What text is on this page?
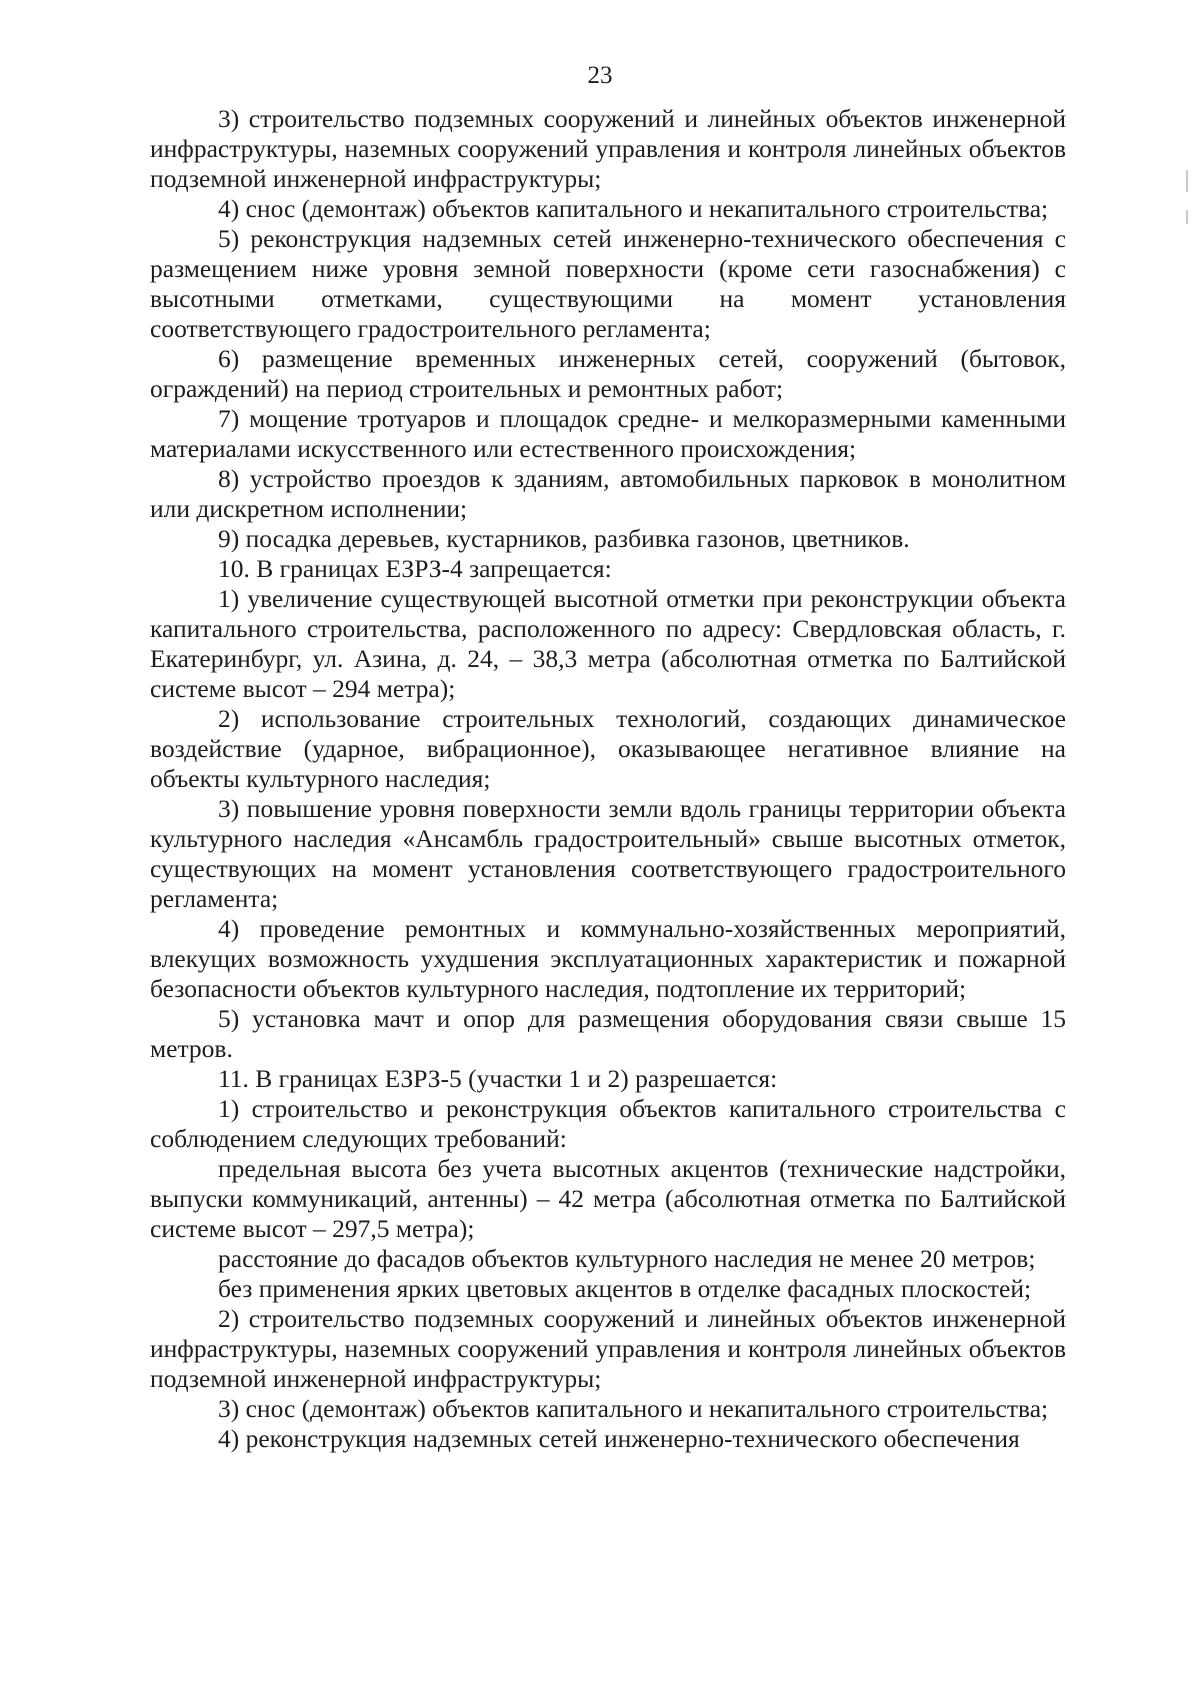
23

3) строительство подземных сооружений и линейных объектов инженерной инфраструктуры, наземных сооружений управления и контроля линейных объектов подземной инженерной инфраструктуры;

4) снос (демонтаж) объектов капитального и некапитального строительства;

5) реконструкция надземных сетей инженерно-технического обеспечения с размещением ниже уровня земной поверхности (кроме сети газоснабжения) с высотными отметками, существующими на момент установления соответствующего градостроительного регламента;

6) размещение временных инженерных сетей, сооружений (бытовок, ограждений) на период строительных и ремонтных работ;

7) мощение тротуаров и площадок средне- и мелкоразмерными каменными материалами искусственного или естественного происхождения;

8) устройство проездов к зданиям, автомобильных парковок в монолитном или дискретном исполнении;

9) посадка деревьев, кустарников, разбивка газонов, цветников.

10. В границах ЕЗРЗ-4 запрещается:

1) увеличение существующей высотной отметки при реконструкции объекта капитального строительства, расположенного по адресу: Свердловская область, г. Екатеринбург, ул. Азина, д. 24, – 38,3 метра (абсолютная отметка по Балтийской системе высот – 294 метра);

2) использование строительных технологий, создающих динамическое воздействие (ударное, вибрационное), оказывающее негативное влияние на объекты культурного наследия;

3) повышение уровня поверхности земли вдоль границы территории объекта культурного наследия «Ансамбль градостроительный» свыше высотных отметок, существующих на момент установления соответствующего градостроительного регламента;

4) проведение ремонтных и коммунально-хозяйственных мероприятий, влекущих возможность ухудшения эксплуатационных характеристик и пожарной безопасности объектов культурного наследия, подтопление их территорий;

5) установка мачт и опор для размещения оборудования связи свыше 15 метров.

11. В границах ЕЗРЗ-5 (участки 1 и 2) разрешается:

1) строительство и реконструкция объектов капитального строительства с соблюдением следующих требований:

предельная высота без учета высотных акцентов (технические надстройки, выпуски коммуникаций, антенны) – 42 метра (абсолютная отметка по Балтийской системе высот – 297,5 метра);

расстояние до фасадов объектов культурного наследия не менее 20 метров;

без применения ярких цветовых акцентов в отделке фасадных плоскостей;

2) строительство подземных сооружений и линейных объектов инженерной инфраструктуры, наземных сооружений управления и контроля линейных объектов подземной инженерной инфраструктуры;

3) снос (демонтаж) объектов капитального и некапитального строительства;

4) реконструкция надземных сетей инженерно-технического обеспечения
